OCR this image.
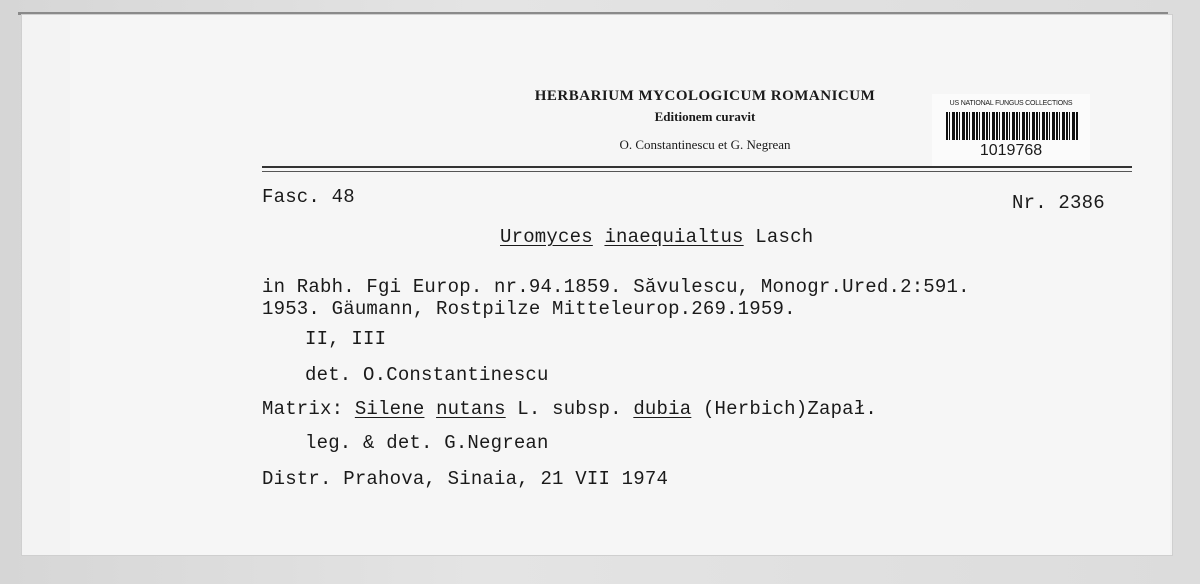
HERBARIUM MYCOLOGICUM ROMANICUM
Editionem curavit
O. Constantinescu et G. Negrean
US NATIONAL FUNGUS COLLECTIONS
1019768
Fasc. 48	Nr. 2386
Uromyces inaequialtus Lasch
in Rabh. Fgi Europ. nr.94.1859. Săvulescu, Monogr.Ured.2:591.
1953. Gäumann, Rostpilze Mitteleurop.269.1959.
II, III
det. O.Constantinescu
Matrix: Silene nutans L. subsp. dubia (Herbich)Zapał.
leg. & det. G.Negrean
Distr. Prahova, Sinaia, 21 VII 1974
